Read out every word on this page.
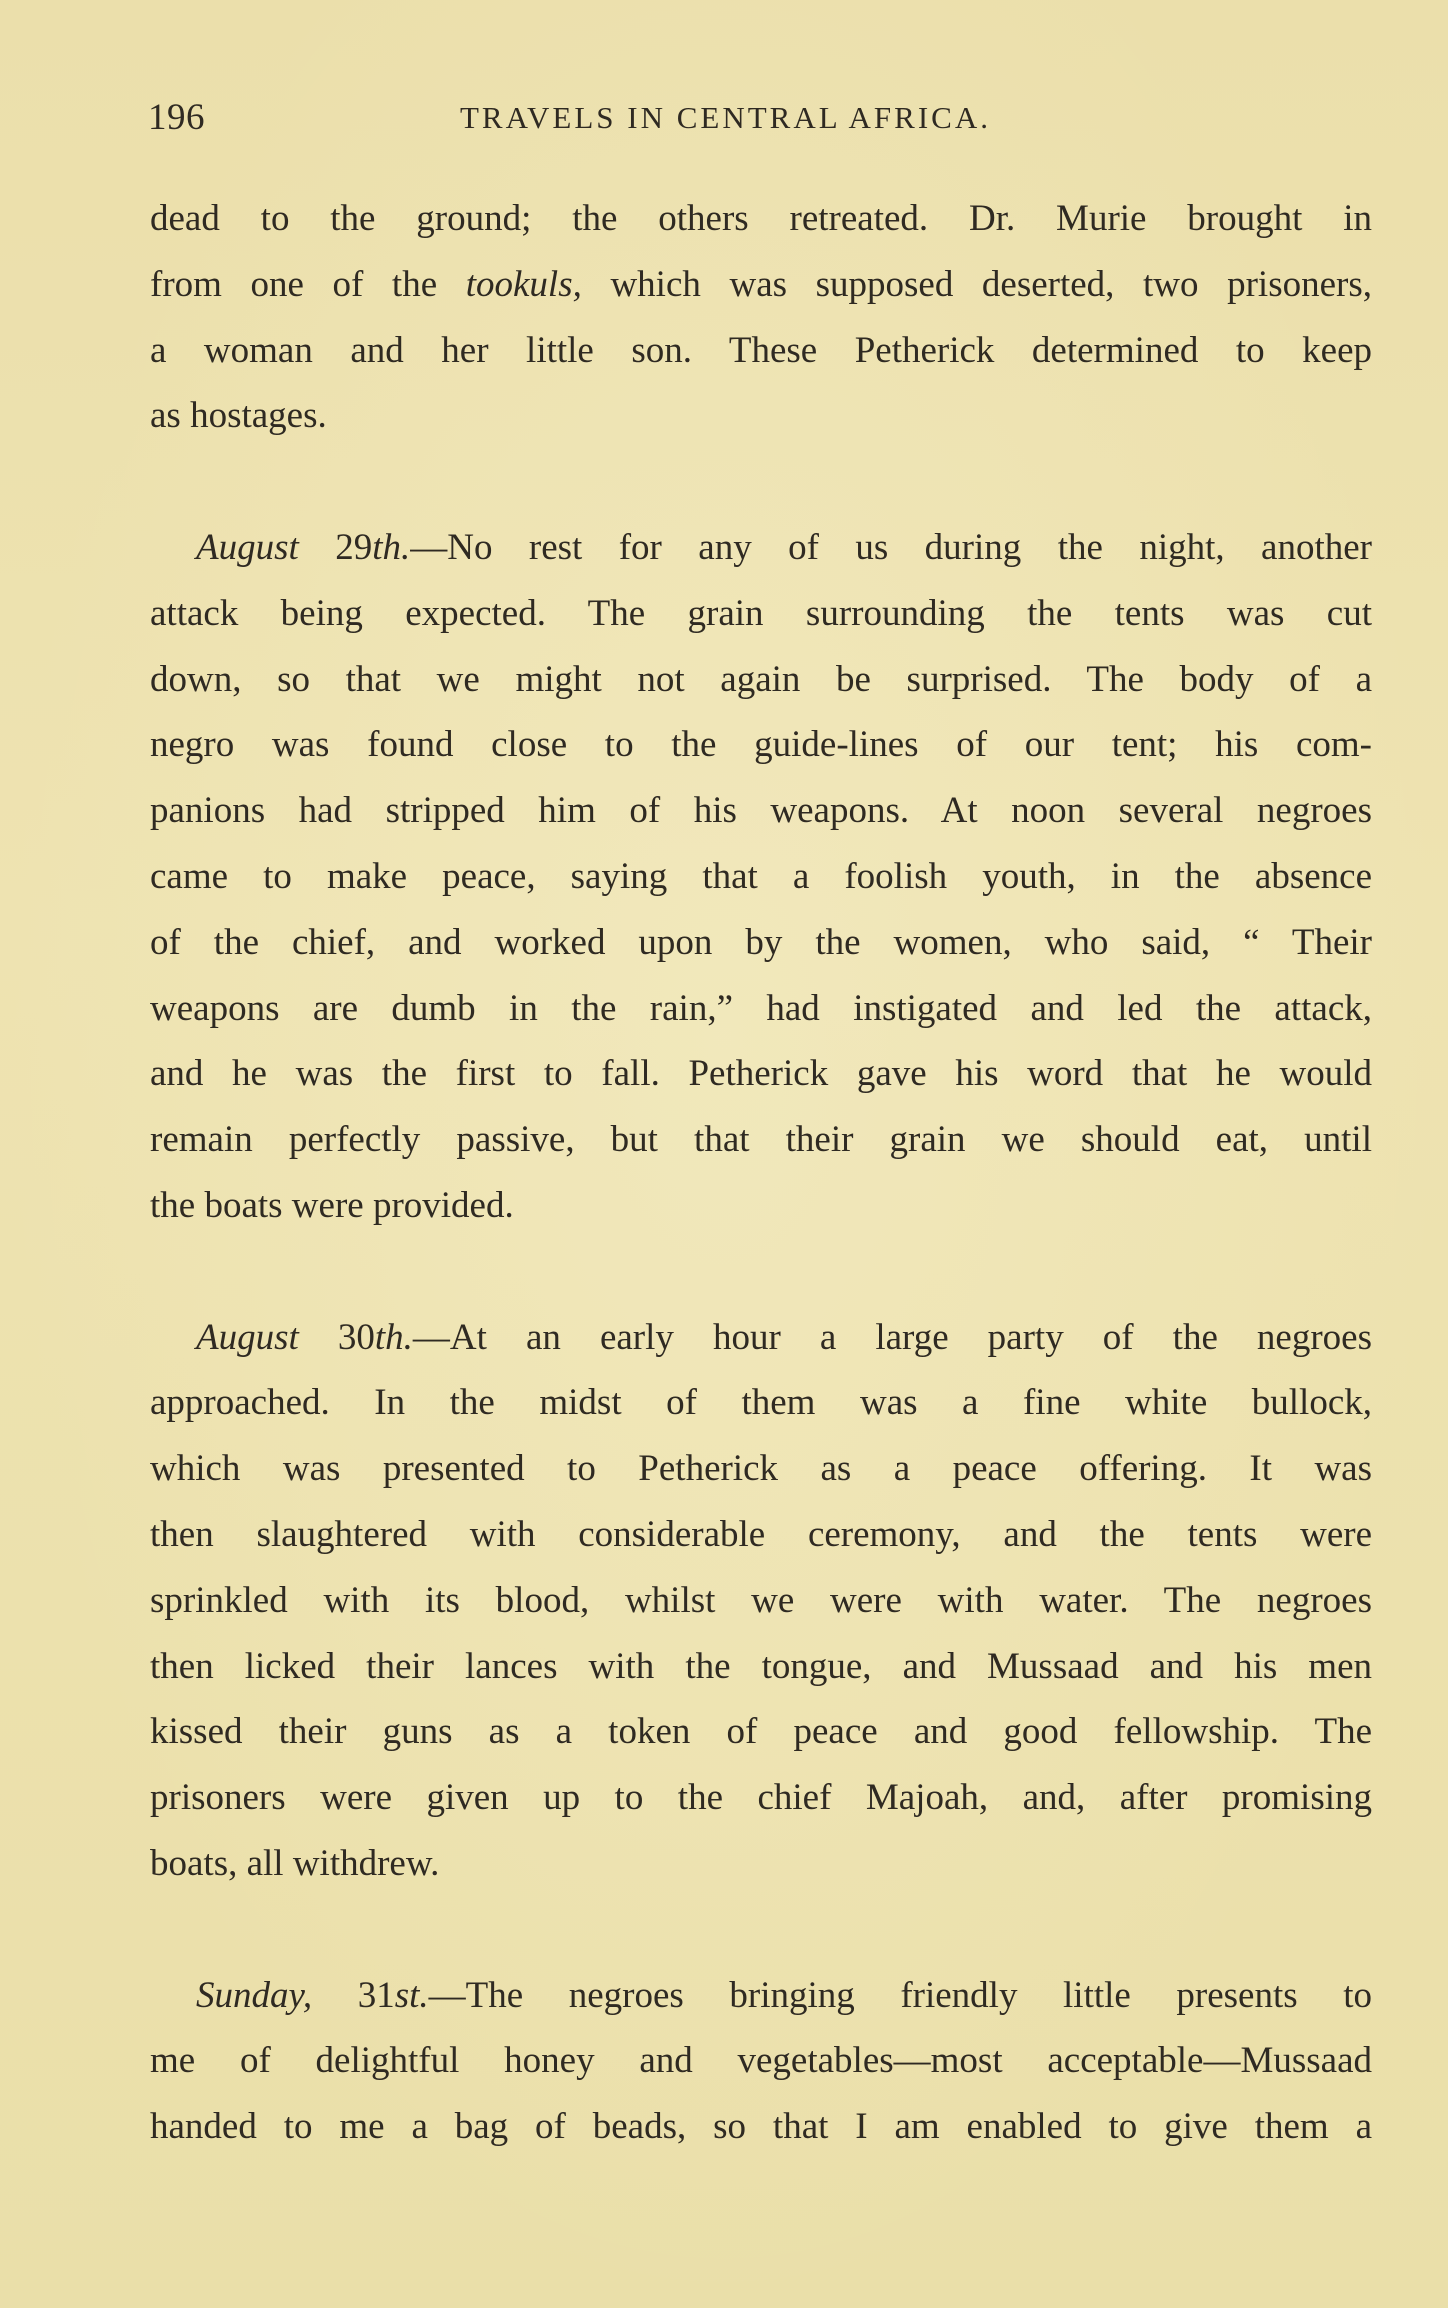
196	TRAVELS IN CENTRAL AFRICA.
dead to the ground; the others retreated. Dr. Murie brought in
from one of the tookuls, which was supposed deserted, two prisoners,
a woman and her little son. These Petherick determined to keep
as hostages.
August 29th.—No rest for any of us during the night, another
attack being expected. The grain surrounding the tents was cut
down, so that we might not again be surprised. The body of a
negro was found close to the guide-lines of our tent; his com-
panions had stripped him of his weapons. At noon several negroes
came to make peace, saying that a foolish youth, in the absence
of the chief, and worked upon by the women, who said, “ Their
weapons are dumb in the rain,” had instigated and led the attack,
and he was the first to fall. Petherick gave his word that he would
remain perfectly passive, but that their grain we should eat, until
the boats were provided.
August 30th.—At an early hour a large party of the negroes
approached. In the midst of them was a fine white bullock,
which was presented to Petherick as a peace offering. It was
then slaughtered with considerable ceremony, and the tents were
sprinkled with its blood, whilst we were with water. The negroes
then licked their lances with the tongue, and Mussaad and his men
kissed their guns as a token of peace and good fellowship. The
prisoners were given up to the chief Majoah, and, after promising
boats, all withdrew.
Sunday, 31st.—The negroes bringing friendly little presents to
me of delightful honey and vegetables—most acceptable—Mussaad
handed to me a bag of beads, so that I am enabled to give them a
